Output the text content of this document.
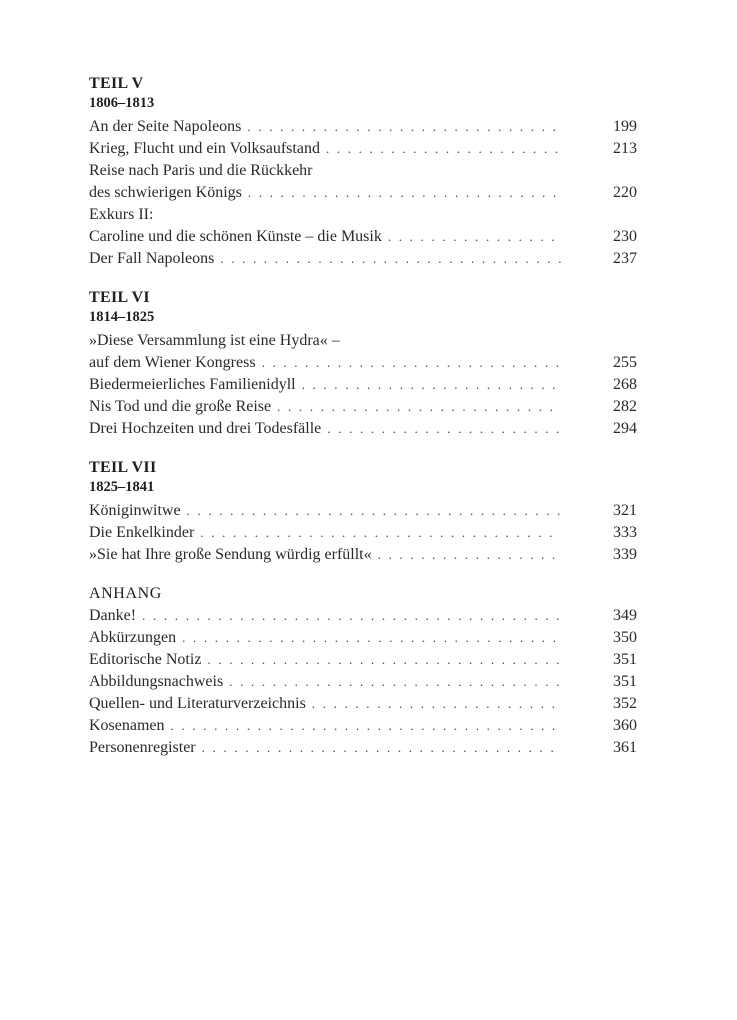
TEIL V
1806–1813
An der Seite Napoleons . . .	199
Krieg, Flucht und ein Volksaufstand . . .	213
Reise nach Paris und die Rückkehr
des schwierigen Königs . . .	220
Exkurs II:
Caroline und die schönen Künste – die Musik . . .	230
Der Fall Napoleons . . .	237
TEIL VI
1814–1825
»Diese Versammlung ist eine Hydra« –
auf dem Wiener Kongress . . .	255
Biedermeierliches Familienidyll . . .	268
Nis Tod und die große Reise . . .	282
Drei Hochzeiten und drei Todesfälle . . .	294
TEIL VII
1825–1841
Königinwitwe . . .	321
Die Enkelkinder . . .	333
»Sie hat Ihre große Sendung würdig erfüllt« . . .	339
ANHANG
Danke! . . .	349
Abkürzungen . . .	350
Editorische Notiz . . .	351
Abbildungsnachweis . . .	351
Quellen- und Literaturverzeichnis . . .	352
Kosenamen . . .	360
Personenregister . . .	361
